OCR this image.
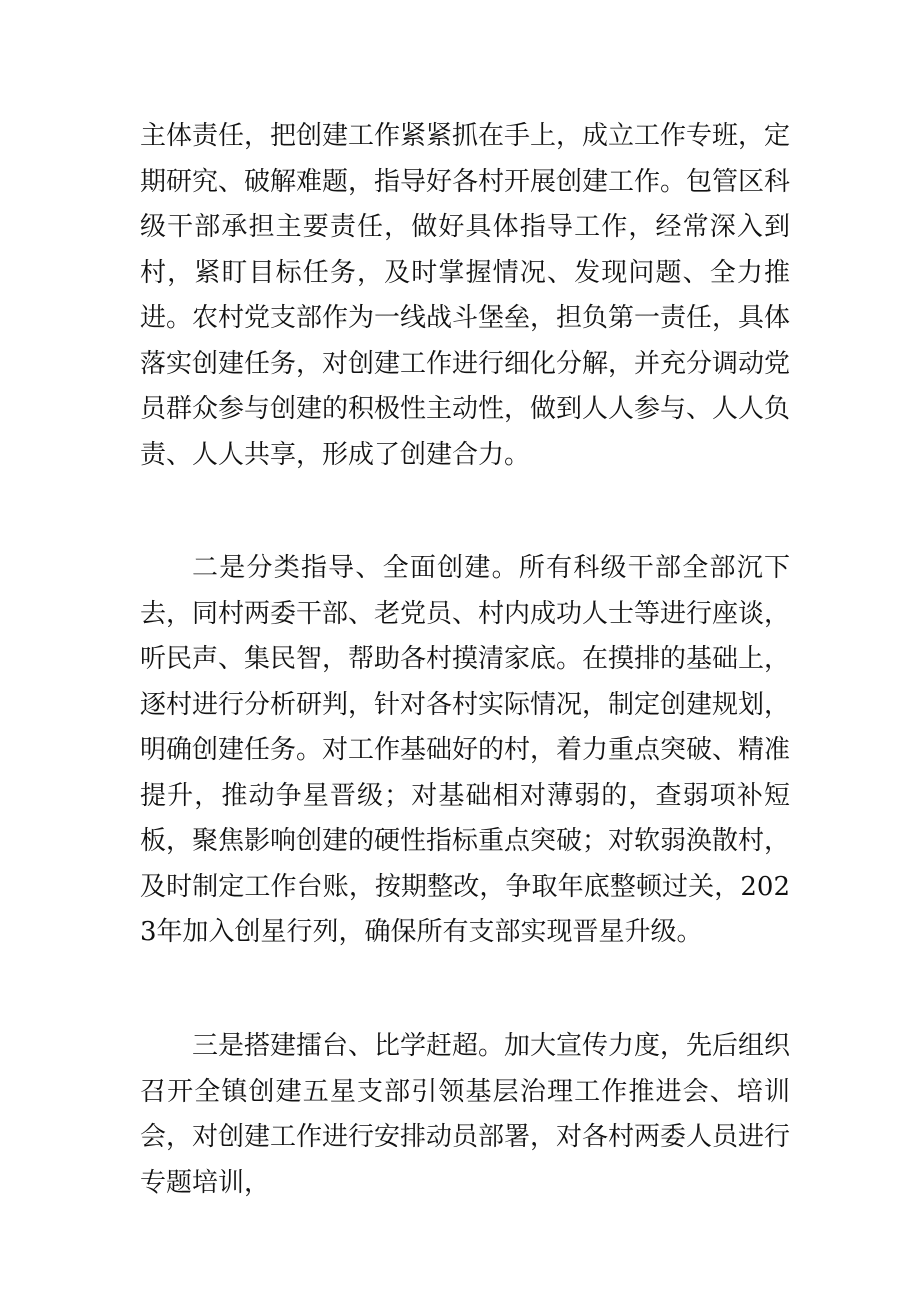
主体责任，把创建工作紧紧抓在手上，成立工作专班，定期研究、破解难题，指导好各村开展创建工作。包管区科级干部承担主要责任，做好具体指导工作，经常深入到村，紧盯目标任务，及时掌握情况、发现问题、全力推进。农村党支部作为一线战斗堡垒，担负第一责任，具体落实创建任务，对创建工作进行细化分解，并充分调动党员群众参与创建的积极性主动性，做到人人参与、人人负责、人人共享，形成了创建合力。

二是分类指导、全面创建。所有科级干部全部沉下去，同村两委干部、老党员、村内成功人士等进行座谈，听民声、集民智，帮助各村摸清家底。在摸排的基础上，逐村进行分析研判，针对各村实际情况，制定创建规划，明确创建任务。对工作基础好的村，着力重点突破、精准提升，推动争星晋级；对基础相对薄弱的，查弱项补短板，聚焦影响创建的硬性指标重点突破；对软弱涣散村，及时制定工作台账，按期整改，争取年底整顿过关，2023年加入创星行列，确保所有支部实现晋星升级。

三是搭建擂台、比学赶超。加大宣传力度，先后组织召开全镇创建五星支部引领基层治理工作推进会、培训会，对创建工作进行安排动员部署，对各村两委人员进行专题培训，
